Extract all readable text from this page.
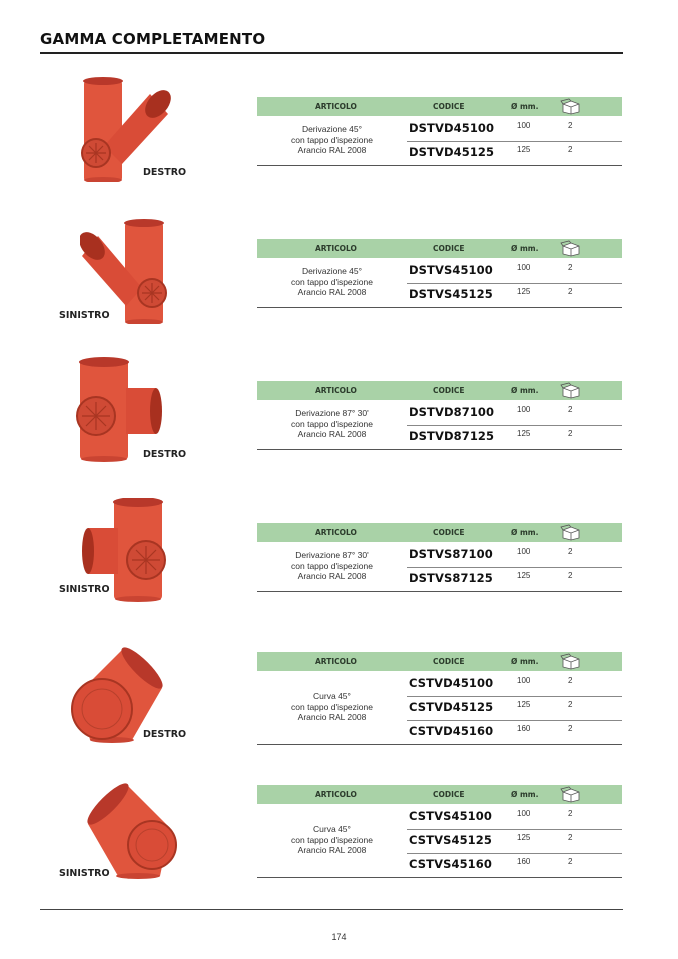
GAMMA COMPLETAMENTO
DESTRO
ARTICOLO	CODICE	Ø mm.
Derivazione 45°
con tappo d'ispezione
Arancio RAL 2008
DSTVD45100	100	2
DSTVD45125	125	2
SINISTRO
ARTICOLO	CODICE	Ø mm.
Derivazione 45°
con tappo d'ispezione
Arancio RAL 2008
DSTVS45100	100	2
DSTVS45125	125	2
DESTRO
ARTICOLO	CODICE	Ø mm.
Derivazione 87° 30'
con tappo d'ispezione
Arancio RAL 2008
DSTVD87100	100	2
DSTVD87125	125	2
SINISTRO
ARTICOLO	CODICE	Ø mm.
Derivazione 87° 30'
con tappo d'ispezione
Arancio RAL 2008
DSTVS87100	100	2
DSTVS87125	125	2
DESTRO
ARTICOLO	CODICE	Ø mm.
Curva 45°
con tappo d'ispezione
Arancio RAL 2008
CSTVD45100	100	2
CSTVD45125	125	2
CSTVD45160	160	2
SINISTRO
ARTICOLO	CODICE	Ø mm.
Curva 45°
con tappo d'ispezione
Arancio RAL 2008
CSTVS45100	100	2
CSTVS45125	125	2
CSTVS45160	160	2
174
